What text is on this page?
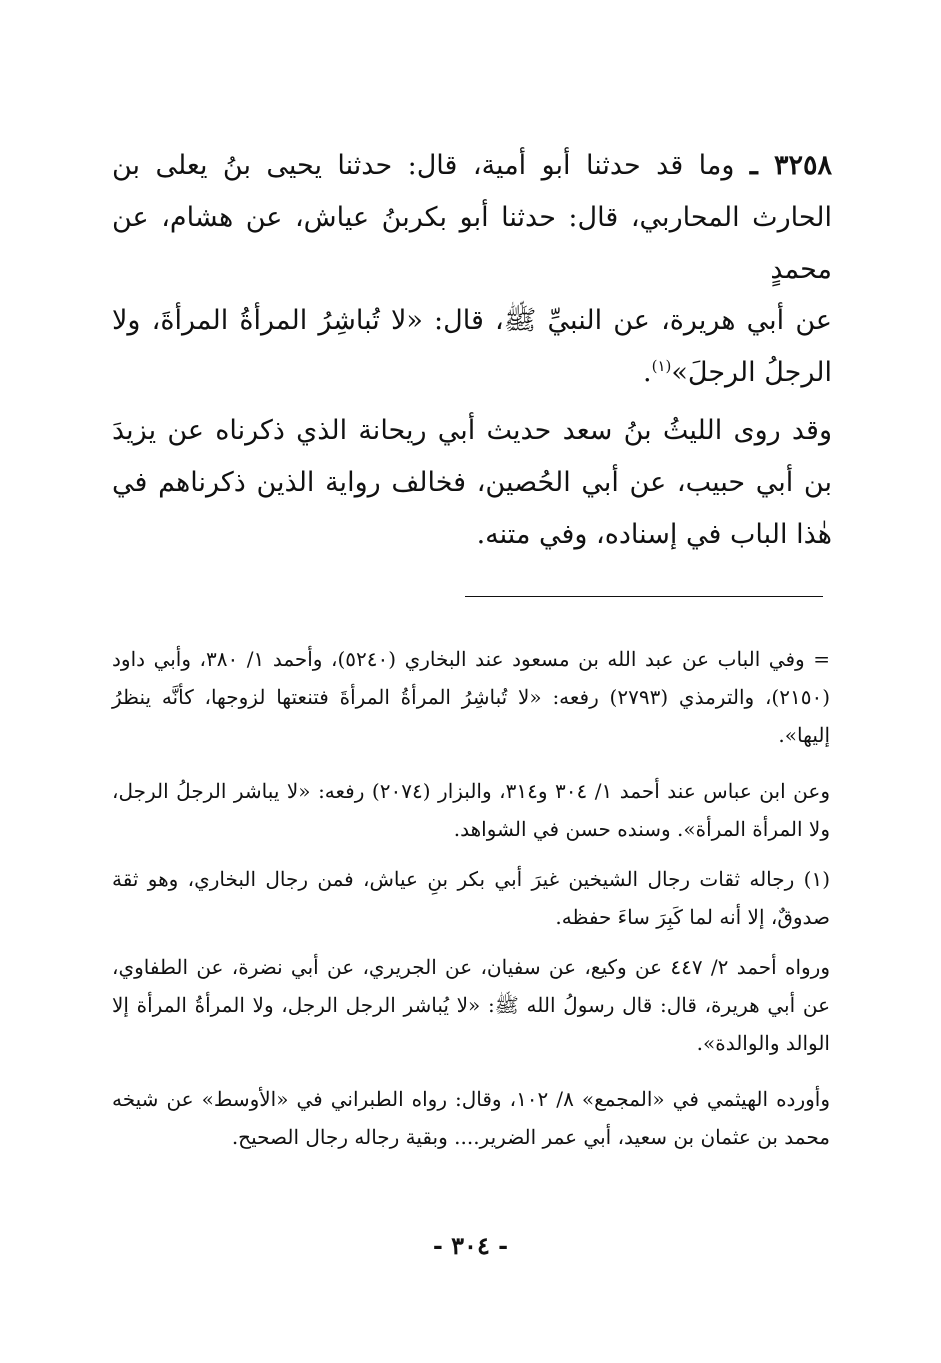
٣٢٥٨ ـ وما قد حدثنا أبو أمية، قال: حدثنا يحيى بنُ يعلى بن الحارث المحاربي، قال: حدثنا أبو بكربنُ عياش، عن هشام، عن محمدٍ

عن أبي هريرة، عن النبيِّ ﷺ، قال: «لا تُباشِرُ المرأةُ المرأةَ، ولا الرجلُ الرجلَ»$^{(١)}$.

وقد روى الليثُ بنُ سعد حديث أبي ريحانة الذي ذكرناه عن يزيدَ بن أبي حبيب، عن أبي الحُصين، فخالف رواية الذين ذكرناهم في هٰذا الباب في إسناده، وفي متنه.

= وفي الباب عن عبد الله بن مسعود عند البخاري (٥٢٤٠)، وأحمد ١/ ٣٨٠، وأبي داود (٢١٥٠)، والترمذي (٢٧٩٣) رفعه: «لا تُباشِرُ المرأةُ المرأةَ فتنعتها لزوجها، كأنَّه ينظرُ إليها».

وعن ابن عباس عند أحمد ١/ ٣٠٤ و٣١٤، والبزار (٢٠٧٤) رفعه: «لا يباشر الرجلُ الرجل، ولا المرأة المرأة». وسنده حسن في الشواهد.

(١) رجاله ثقات رجال الشيخين غيرَ أبي بكر بنِ عياش، فمن رجال البخاري، وهو ثقة صدوقٌ، إلا أنه لما كَبِرَ ساءَ حفظه.

ورواه أحمد ٢/ ٤٤٧ عن وكيع، عن سفيان، عن الجريري، عن أبي نضرة، عن الطفاوي، عن أبي هريرة، قال: قال رسولُ الله ﷺ: «لا يُباشر الرجل الرجل، ولا المرأةُ المرأة إلا الوالد والوالدة».

وأورده الهيثمي في «المجمع» ٨/ ١٠٢، وقال: رواه الطبراني في «الأوسط» عن شيخه محمد بن عثمان بن سعيد، أبي عمر الضرير.... وبقية رجاله رجال الصحيح.

- ٣٠٤ -
